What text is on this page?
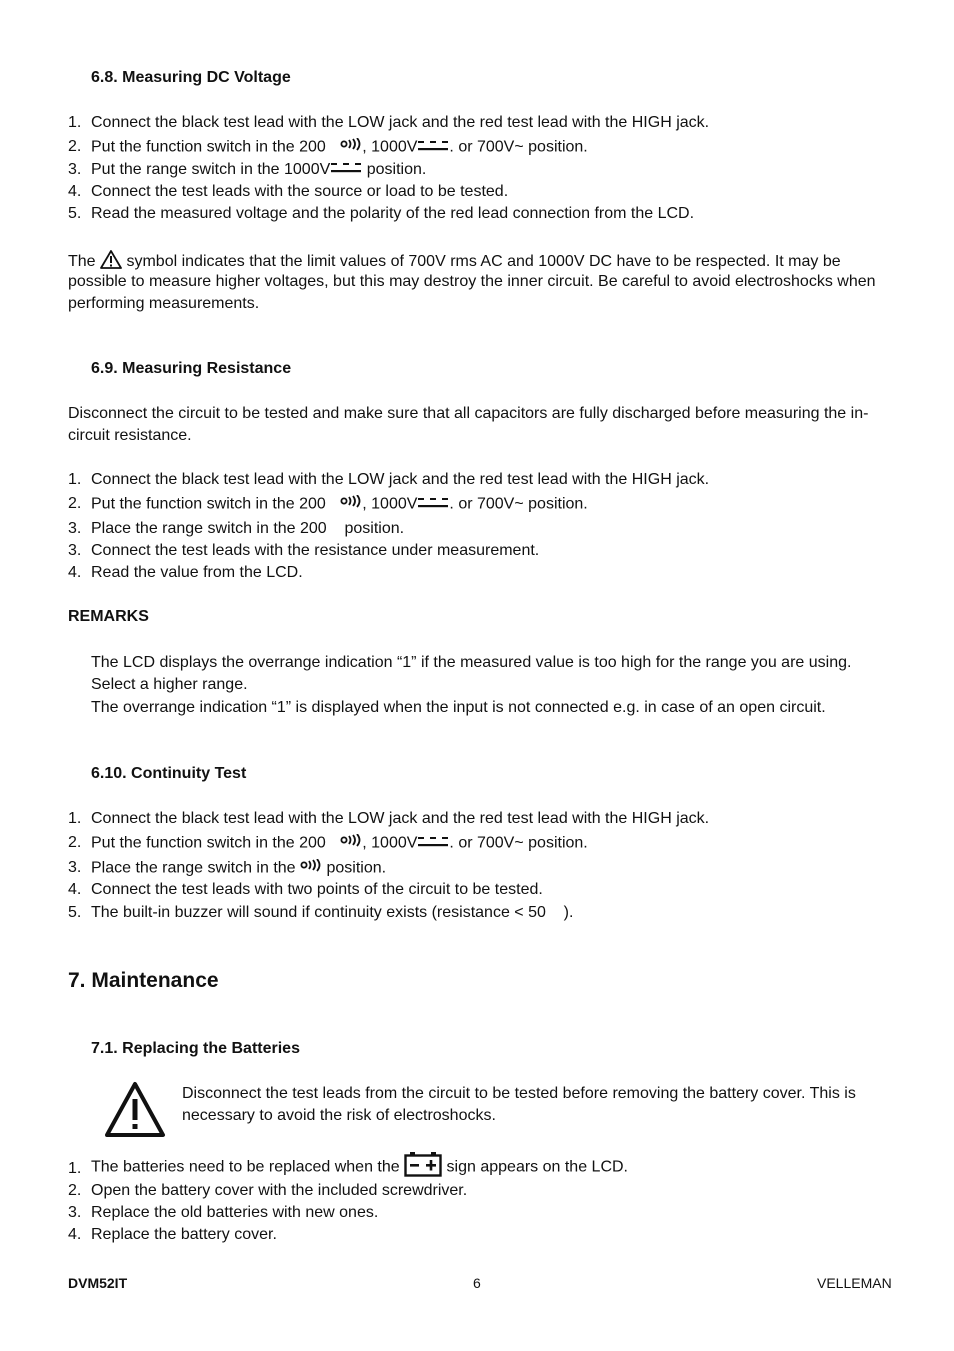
6.8. Measuring DC Voltage
1. Connect the black test lead with the LOW jack and the red test lead with the HIGH jack.
2. Put the function switch in the 200 , 1000V . or 700V~ position.
3. Put the range switch in the 1000V position.
4. Connect the test leads with the source or load to be tested.
5. Read the measured voltage and the polarity of the red lead connection from the LCD.
The  symbol indicates that the limit values of 700V rms AC and 1000V DC have to be respected. It may be
possible to measure higher voltages, but this may destroy the inner circuit. Be careful to avoid electroshocks when
performing measurements.
6.9. Measuring Resistance
Disconnect the circuit to be tested and make sure that all capacitors are fully discharged before measuring the in-
circuit resistance.
1. Connect the black test lead with the LOW jack and the red test lead with the HIGH jack.
2. Put the function switch in the 200 , 1000V . or 700V~ position.
3. Place the range switch in the 200    position.
3. Connect the test leads with the resistance under measurement.
4. Read the value from the LCD.
REMARKS
The LCD displays the overrange indication “1” if the measured value is too high for the range you are using.
Select a higher range.
The overrange indication “1” is displayed when the input is not connected e.g. in case of an open circuit.
6.10. Continuity Test
1. Connect the black test lead with the LOW jack and the red test lead with the HIGH jack.
2. Put the function switch in the 200 , 1000V . or 700V~ position.
3. Place the range switch in the  position.
4. Connect the test leads with two points of the circuit to be tested.
5. The built-in buzzer will sound if continuity exists (resistance < 50    ).
7. Maintenance
7.1. Replacing the Batteries
Disconnect the test leads from the circuit to be tested before removing the battery cover. This is
necessary to avoid the risk of electroshocks.
1. The batteries need to be replaced when the	sign appears on the LCD.
2. Open the battery cover with the included screwdriver.
3. Replace the old batteries with new ones.
4. Replace the battery cover.
DVM52IT	6	VELLEMAN
